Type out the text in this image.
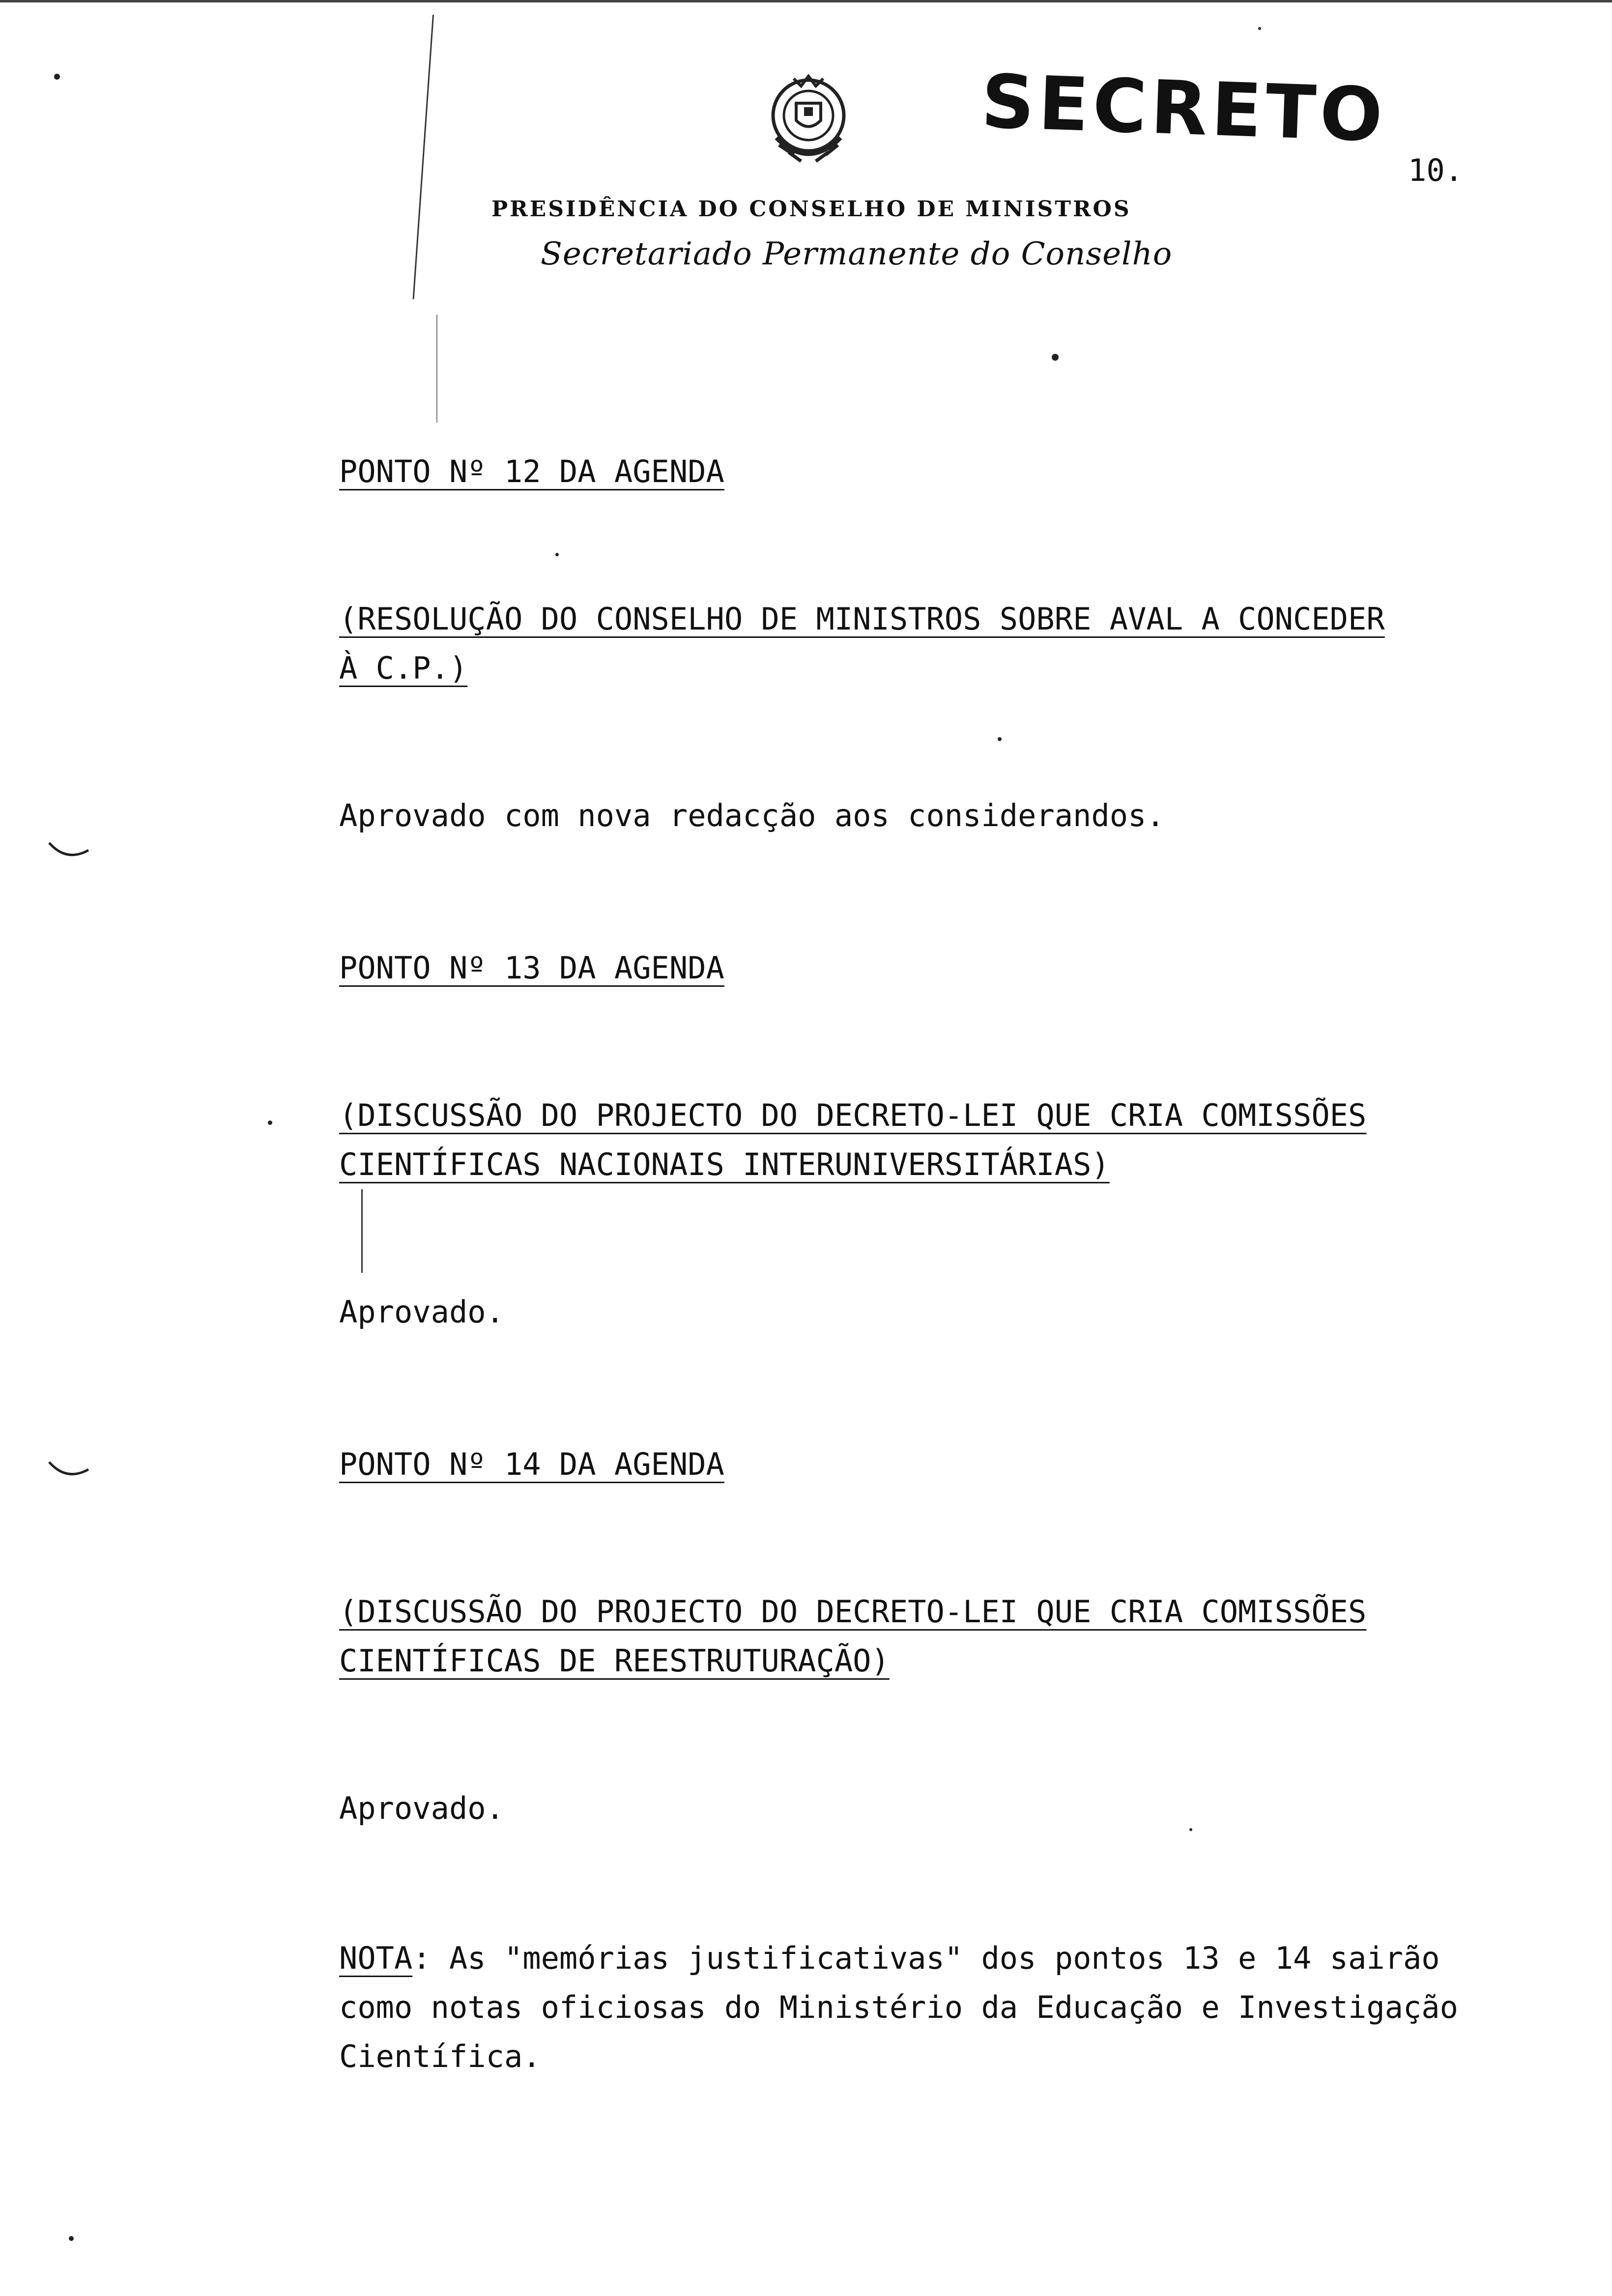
SECRETO
10.
PRESIDÊNCIA DO CONSELHO DE MINISTROS
Secretariado Permanente do Conselho
PONTO Nº 12 DA AGENDA
(RESOLUÇÃO DO CONSELHO DE MINISTROS SOBRE AVAL A CONCEDER
À C.P.)
Aprovado com nova redacção aos considerandos.
PONTO Nº 13 DA AGENDA
(DISCUSSÃO DO PROJECTO DO DECRETO-LEI QUE CRIA COMISSÕES
CIENTÍFICAS NACIONAIS INTERUNIVERSITÁRIAS)
Aprovado.
PONTO Nº 14 DA AGENDA
(DISCUSSÃO DO PROJECTO DO DECRETO-LEI QUE CRIA COMISSÕES
CIENTÍFICAS DE REESTRUTURAÇÃO)
Aprovado.
NOTA: As "memórias justificativas" dos pontos 13 e 14 sairão
como notas oficiosas do Ministério da Educação e Investigação
Científica.
